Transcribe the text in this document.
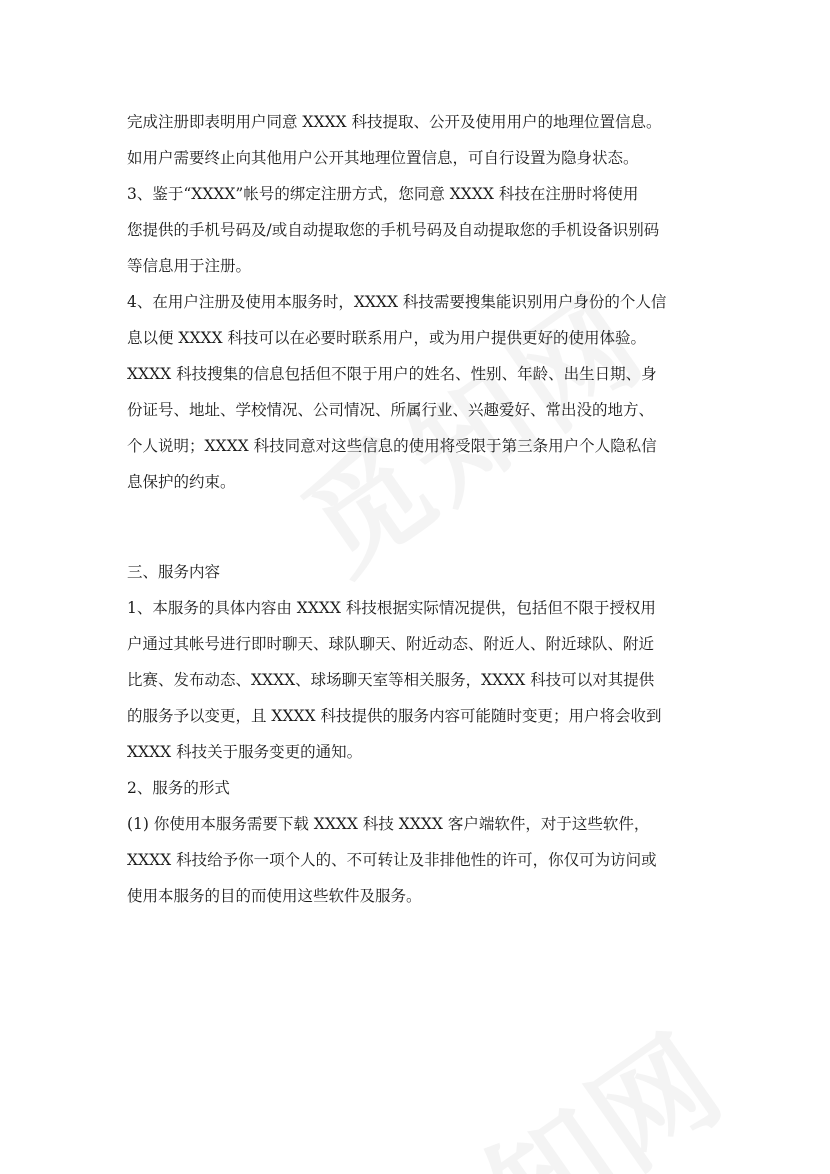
完成注册即表明用户同意 XXXX 科技提取、公开及使用用户的地理位置信息。
如用户需要终止向其他用户公开其地理位置信息，可自行设置为隐身状态。
3、鉴于“XXXX”帐号的绑定注册方式，您同意 XXXX 科技在注册时将使用
您提供的手机号码及/或自动提取您的手机号码及自动提取您的手机设备识别码
等信息用于注册。
4、在用户注册及使用本服务时，XXXX 科技需要搜集能识别用户身份的个人信
息以便 XXXX 科技可以在必要时联系用户，或为用户提供更好的使用体验。
XXXX 科技搜集的信息包括但不限于用户的姓名、性别、年龄、出生日期、身
份证号、地址、学校情况、公司情况、所属行业、兴趣爱好、常出没的地方、
个人说明；XXXX 科技同意对这些信息的使用将受限于第三条用户个人隐私信
息保护的约束。
三、服务内容
1、本服务的具体内容由 XXXX 科技根据实际情况提供，包括但不限于授权用
户通过其帐号进行即时聊天、球队聊天、附近动态、附近人、附近球队、附近
比赛、发布动态、XXXX、球场聊天室等相关服务，XXXX 科技可以对其提供
的服务予以变更，且 XXXX 科技提供的服务内容可能随时变更；用户将会收到
XXXX 科技关于服务变更的通知。
2、服务的形式
(1) 你使用本服务需要下载 XXXX 科技 XXXX 客户端软件，对于这些软件，
XXXX 科技给予你一项个人的、不可转让及非排他性的许可，你仅可为访问或
使用本服务的目的而使用这些软件及服务。
